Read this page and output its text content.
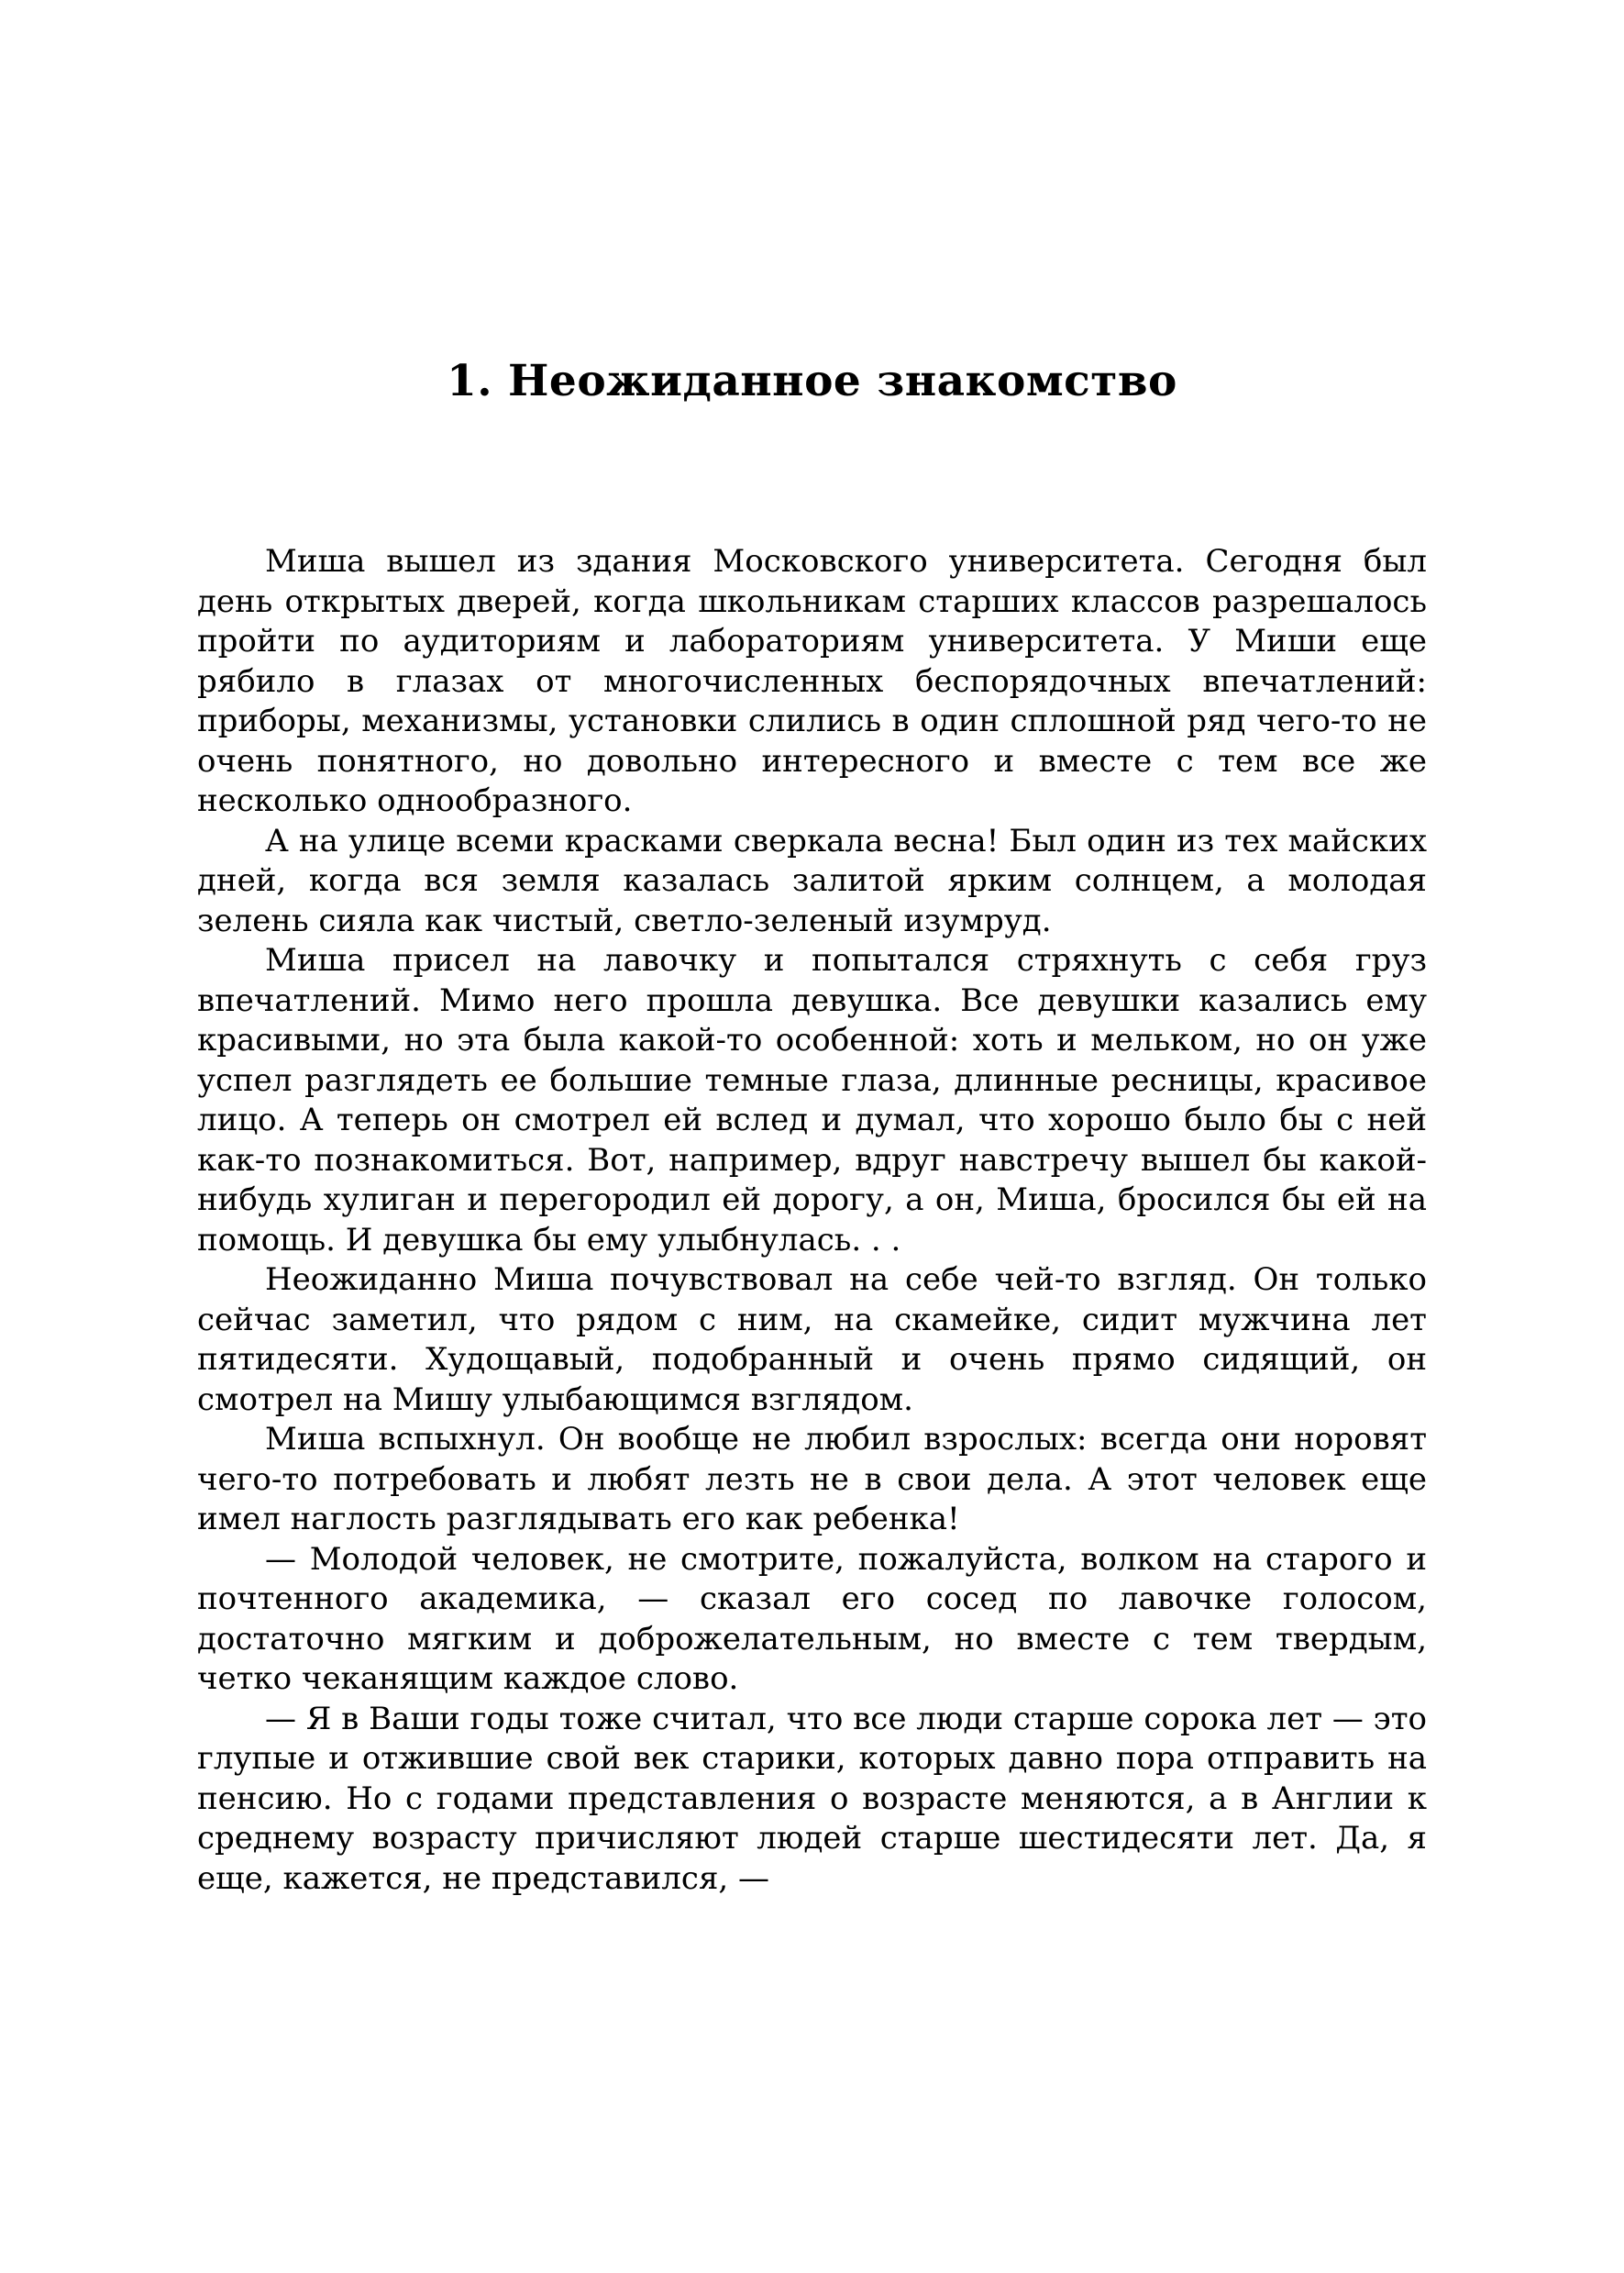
1. Неожиданное знакомство

Миша вышел из здания Московского университета. Сегодня был день открытых дверей, когда школьникам старших классов разрешалось пройти по аудиториям и лабораториям университета. У Миши еще рябило в глазах от многочисленных беспорядочных впечатлений: приборы, механизмы, установки слились в один сплошной ряд чего-то не очень понятного, но довольно интересного и вместе с тем все же несколько однообразного.

А на улице всеми красками сверкала весна! Был один из тех майских дней, когда вся земля казалась залитой ярким солнцем, а молодая зелень сияла как чистый, светло-зеленый изумруд.

Миша присел на лавочку и попытался стряхнуть с себя груз впечатлений. Мимо него прошла девушка. Все девушки казались ему красивыми, но эта была какой-то особенной: хоть и мельком, но он уже успел разглядеть ее большие темные глаза, длинные ресницы, красивое лицо. А теперь он смотрел ей вслед и думал, что хорошо было бы с ней как-то познакомиться. Вот, например, вдруг навстречу вышел бы какой-нибудь хулиган и перегородил ей дорогу, а он, Миша, бросился бы ей на помощь. И девушка бы ему улыбнулась. . .

Неожиданно Миша почувствовал на себе чей-то взгляд. Он только сейчас заметил, что рядом с ним, на скамейке, сидит мужчина лет пятидесяти. Худощавый, подобранный и очень прямо сидящий, он смотрел на Мишу улыбающимся взглядом.

Миша вспыхнул. Он вообще не любил взрослых: всегда они норовят чего-то потребовать и любят лезть не в свои дела. А этот человек еще имел наглость разглядывать его как ребенка!

— Молодой человек, не смотрите, пожалуйста, волком на старого и почтенного академика, — сказал его сосед по лавочке голосом, достаточно мягким и доброжелательным, но вместе с тем твердым, четко чеканящим каждое слово.

— Я в Ваши годы тоже считал, что все люди старше сорока лет — это глупые и отжившие свой век старики, которых давно пора отправить на пенсию. Но с годами представления о возрасте меняются, а в Англии к среднему возрасту причисляют людей старше шестидесяти лет. Да, я еще, кажется, не представился, —
